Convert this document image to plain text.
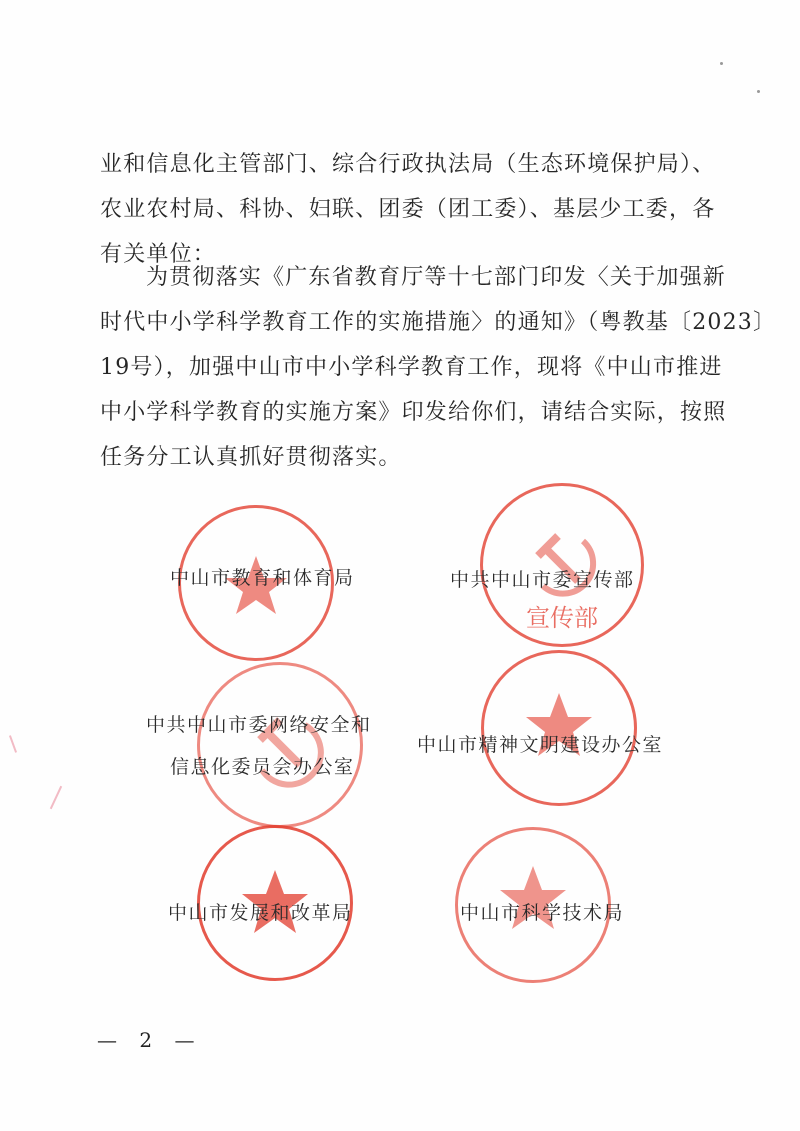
业和信息化主管部门、综合行政执法局（生态环境保护局）、
农业农村局、科协、妇联、团委（团工委）、基层少工委，各
有关单位：
为贯彻落实《广东省教育厅等十七部门印发〈关于加强新
时代中小学科学教育工作的实施措施〉的通知》（粤教基〔2023〕
19号），加强中山市中小学科学教育工作，现将《中山市推进
中小学科学教育的实施方案》印发给你们，请结合实际，按照
任务分工认真抓好贯彻落实。
中山市教育和体育局
宣传部
中共中山市委宣传部
中共中山市委网络安全和
信息化委员会办公室
中山市精神文明建设办公室
中山市发展和改革局	中山市科学技术局
— 2 —
